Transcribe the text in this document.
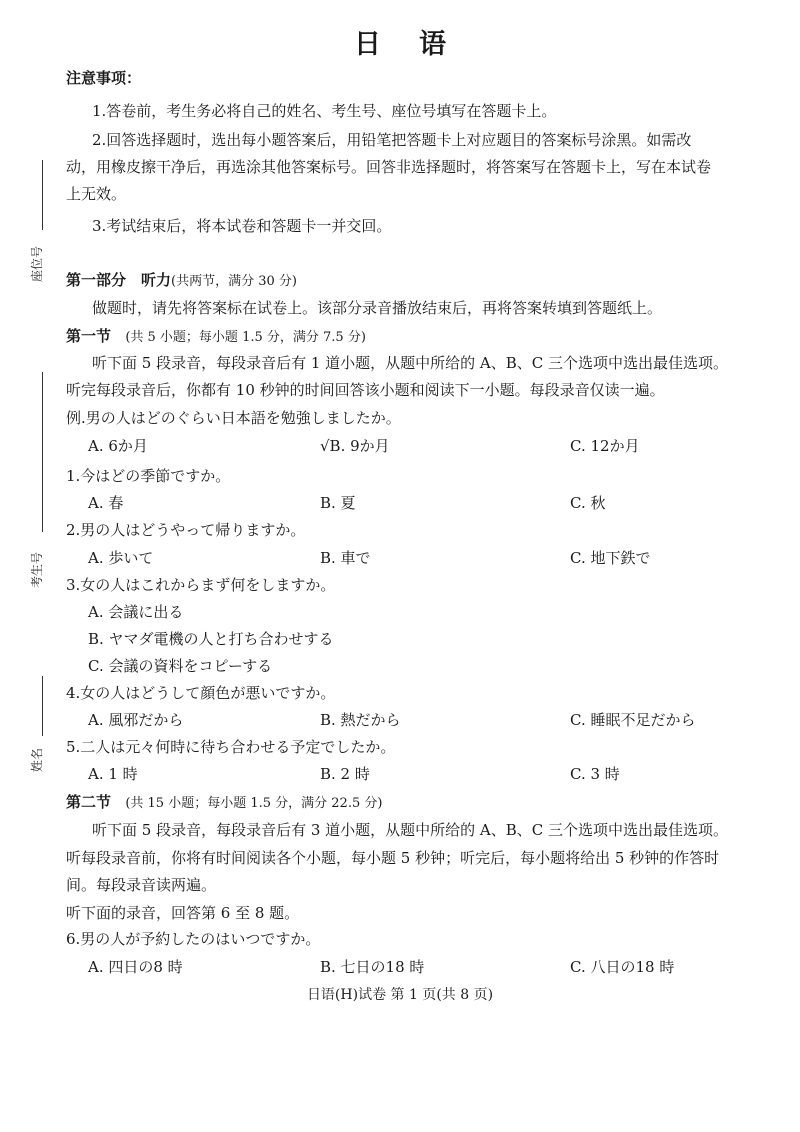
日 语
座位号
考生号
姓名
注意事项：
1.答卷前，考生务必将自己的姓名、考生号、座位号填写在答题卡上。
2.回答选择题时，选出每小题答案后，用铅笔把答题卡上对应题目的答案标号涂黑。如需改
动，用橡皮擦干净后，再选涂其他答案标号。回答非选择题时，将答案写在答题卡上，写在本试卷
上无效。
3.考试结束后，将本试卷和答题卡一并交回。
第一部分　听力(共两节，满分 30 分)
做题时，请先将答案标在试卷上。该部分录音播放结束后，再将答案转填到答题纸上。
第一节 (共 5 小题；每小题 1.5 分，满分 7.5 分)
听下面 5 段录音，每段录音后有 1 道小题，从题中所给的 A、B、C 三个选项中选出最佳选项。
听完每段录音后，你都有 10 秒钟的时间回答该小题和阅读下一小题。每段录音仅读一遍。
例.男の人はどのぐらい日本語を勉強しましたか。
A. 6か月	√B. 9か月	C. 12か月
1.今はどの季節ですか。
A. 春	B. 夏	C. 秋
2.男の人はどうやって帰りますか。
A. 歩いて	B. 車で	C. 地下鉄で
3.女の人はこれからまず何をしますか。
A. 会議に出る
B. ヤマダ電機の人と打ち合わせする
C. 会議の資料をコピーする
4.女の人はどうして顔色が悪いですか。
A. 風邪だから	B. 熱だから	C. 睡眠不足だから
5.二人は元々何時に待ち合わせる予定でしたか。
A. 1 時	B. 2 時	C. 3 時
第二节 (共 15 小题；每小题 1.5 分，满分 22.5 分)
听下面 5 段录音，每段录音后有 3 道小题，从题中所给的 A、B、C 三个选项中选出最佳选项。
听每段录音前，你将有时间阅读各个小题，每小题 5 秒钟；听完后，每小题将给出 5 秒钟的作答时
间。每段录音读两遍。
听下面的录音，回答第 6 至 8 题。
6.男の人が予約したのはいつですか。
A. 四日の8 時	B. 七日の18 時	C. 八日の18 時
日语(H)试卷 第 1 页(共 8 页)
